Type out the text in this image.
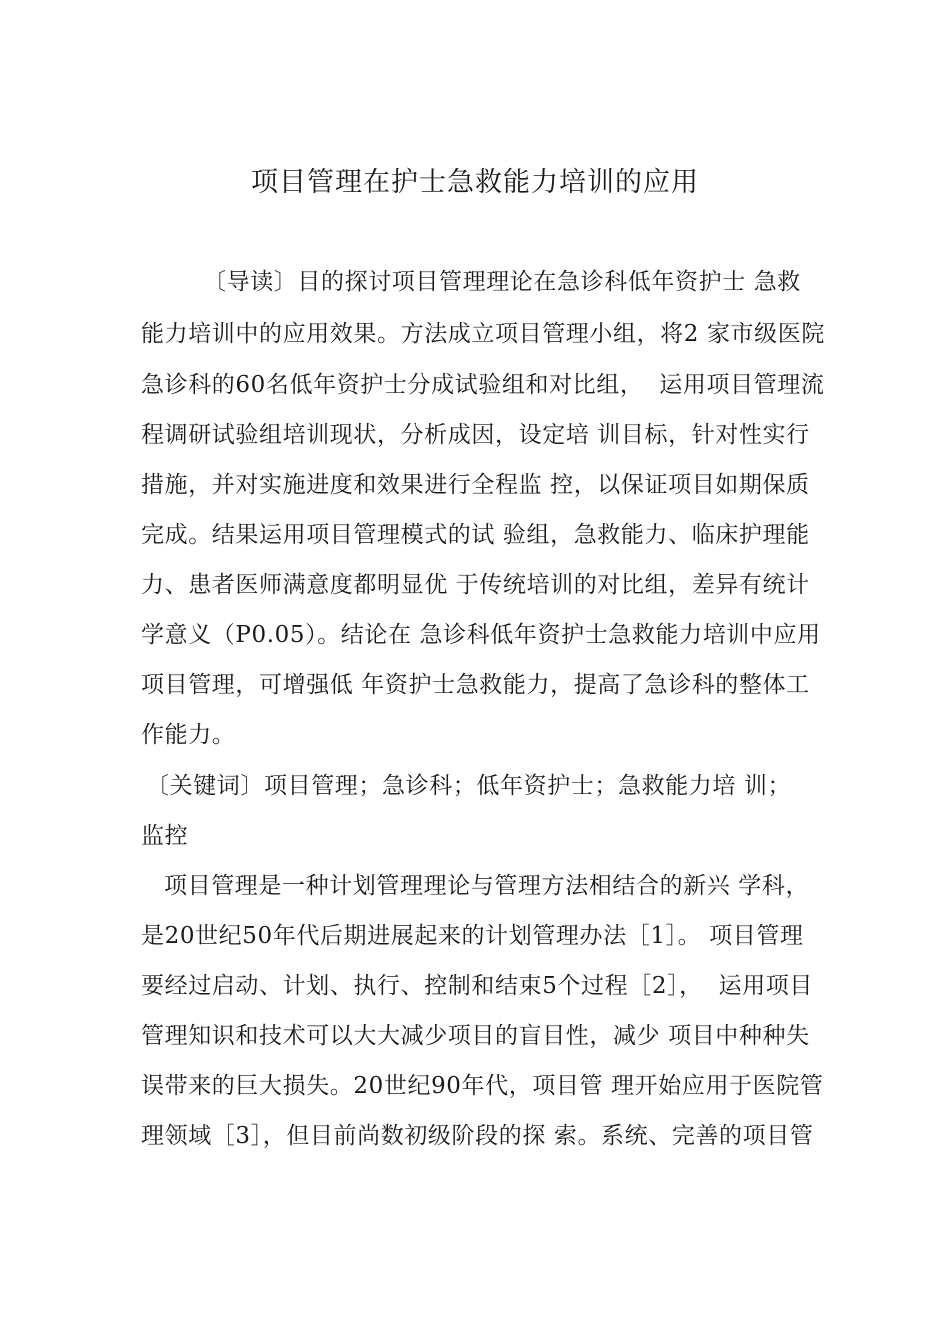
项目管理在护士急救能力培训的应用
〔导读〕目的探讨项目管理理论在急诊科低年资护士 急救
能力培训中的应用效果。方法成立项目管理小组，将2 家市级医院
急诊科的60名低年资护士分成试验组和对比组，  运用项目管理流
程调研试验组培训现状，分析成因，设定培 训目标，针对性实行
措施，并对实施进度和效果进行全程监 控，以保证项目如期保质
完成。结果运用项目管理模式的试 验组，急救能力、临床护理能
力、患者医师满意度都明显优 于传统培训的对比组，差异有统计
学意义（P0.05）。结论在 急诊科低年资护士急救能力培训中应用
项目管理，可增强低 年资护士急救能力，提高了急诊科的整体工
作能力。
〔关键词〕项目管理；急诊科；低年资护士；急救能力培 训；
监控
项目管理是一种计划管理理论与管理方法相结合的新兴 学科，
是20世纪50年代后期进展起来的计划管理办法［1］。 项目管理
要经过启动、计划、执行、控制和结束5个过程［2］，  运用项目
管理知识和技术可以大大减少项目的盲目性，减少 项目中种种失
误带来的巨大损失。20世纪90年代，项目管 理开始应用于医院管
理领域［3］，但目前尚数初级阶段的探 索。系统、完善的项目管
